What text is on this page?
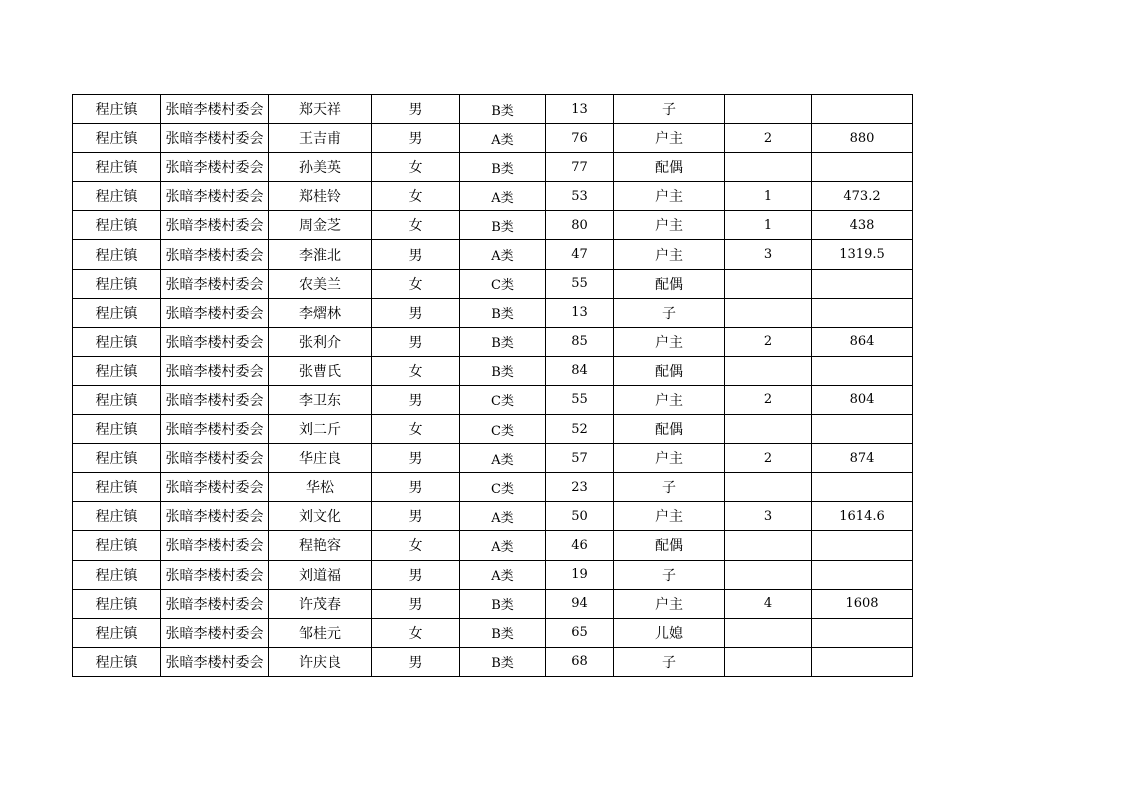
程庄镇	张暗李楼村委会	郑天祥	男	B类	13	子		
程庄镇	张暗李楼村委会	王吉甫	男	A类	76	户主	2	880
程庄镇	张暗李楼村委会	孙美英	女	B类	77	配偶		
程庄镇	张暗李楼村委会	郑桂铃	女	A类	53	户主	1	473.2
程庄镇	张暗李楼村委会	周金芝	女	B类	80	户主	1	438
程庄镇	张暗李楼村委会	李淮北	男	A类	47	户主	3	1319.5
程庄镇	张暗李楼村委会	农美兰	女	C类	55	配偶		
程庄镇	张暗李楼村委会	李熠林	男	B类	13	子		
程庄镇	张暗李楼村委会	张利介	男	B类	85	户主	2	864
程庄镇	张暗李楼村委会	张曹氏	女	B类	84	配偶		
程庄镇	张暗李楼村委会	李卫东	男	C类	55	户主	2	804
程庄镇	张暗李楼村委会	刘二斤	女	C类	52	配偶		
程庄镇	张暗李楼村委会	华庄良	男	A类	57	户主	2	874
程庄镇	张暗李楼村委会	华松	男	C类	23	子		
程庄镇	张暗李楼村委会	刘文化	男	A类	50	户主	3	1614.6
程庄镇	张暗李楼村委会	程艳容	女	A类	46	配偶		
程庄镇	张暗李楼村委会	刘道福	男	A类	19	子		
程庄镇	张暗李楼村委会	许茂春	男	B类	94	户主	4	1608
程庄镇	张暗李楼村委会	邹桂元	女	B类	65	儿媳		
程庄镇	张暗李楼村委会	许庆良	男	B类	68	子		
